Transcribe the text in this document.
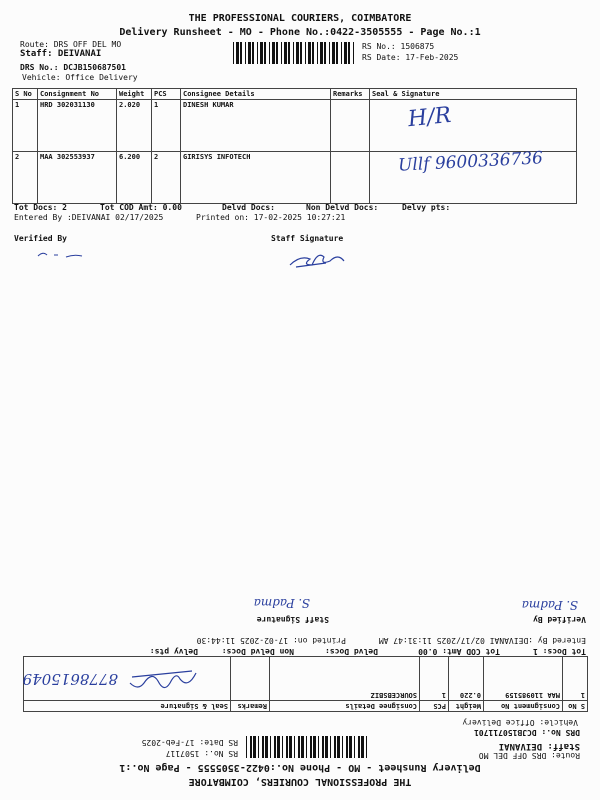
THE PROFESSIONAL COURIERS, COIMBATORE
Delivery Runsheet - MO - Phone No.:0422-3505555 - Page No.:1
Route: DRS OFF DEL MO
Staff: DEIVANAI
DRS No.: DCJB150687501
Vehicle: Office Delivery
RS No.: 1506875
RS Date: 17-Feb-2025
S No	Consignment No	Weight	PCS	Consignee Details	Remarks	Seal & Signature
1	HRD 302031130	2.020	1	DINESH KUMAR		
2	MAA 302553937	6.200	2	GIRISYS INFOTECH		
H/R
Ullf 9600336736
Tot Docs: 2	Tot COD Amt: 0.00	Delvd Docs:	Non Delvd Docs:	Delvy pts:
Entered By :DEIVANAI 02/17/2025	Printed on: 17-02-2025 10:27:21
Verified By	Staff Signature
THE PROFESSIONAL COURIERS, COIMBATORE
Delivery Runsheet - MO - Phone No.:0422-3505555 - Page No.:1
Route: DRS OFF DEL MO
Staff: DEIVANAI
DRS No.: DCJB150711701
Vehicle: Office Delivery
RS No.: 1507117
RS Date: 17-Feb-2025
S No	Consignment No	Weight	PCS	Consignee Details	Remarks	Seal & Signature
1	MAA 110985159	0.220	1	SOURCEBSBIZ		
8778615049
Tot Docs: 1
Tot COD Amt: 0.00
Delvd Docs:
Non Delvd Docs:
Delvy pts:
Entered By :DEIVANAI 02/17/2025 11:31:47 AM
Printed on: 17-02-2025 11:44:30
Verified By
Staff Signature
S. Padma
S. Padma
